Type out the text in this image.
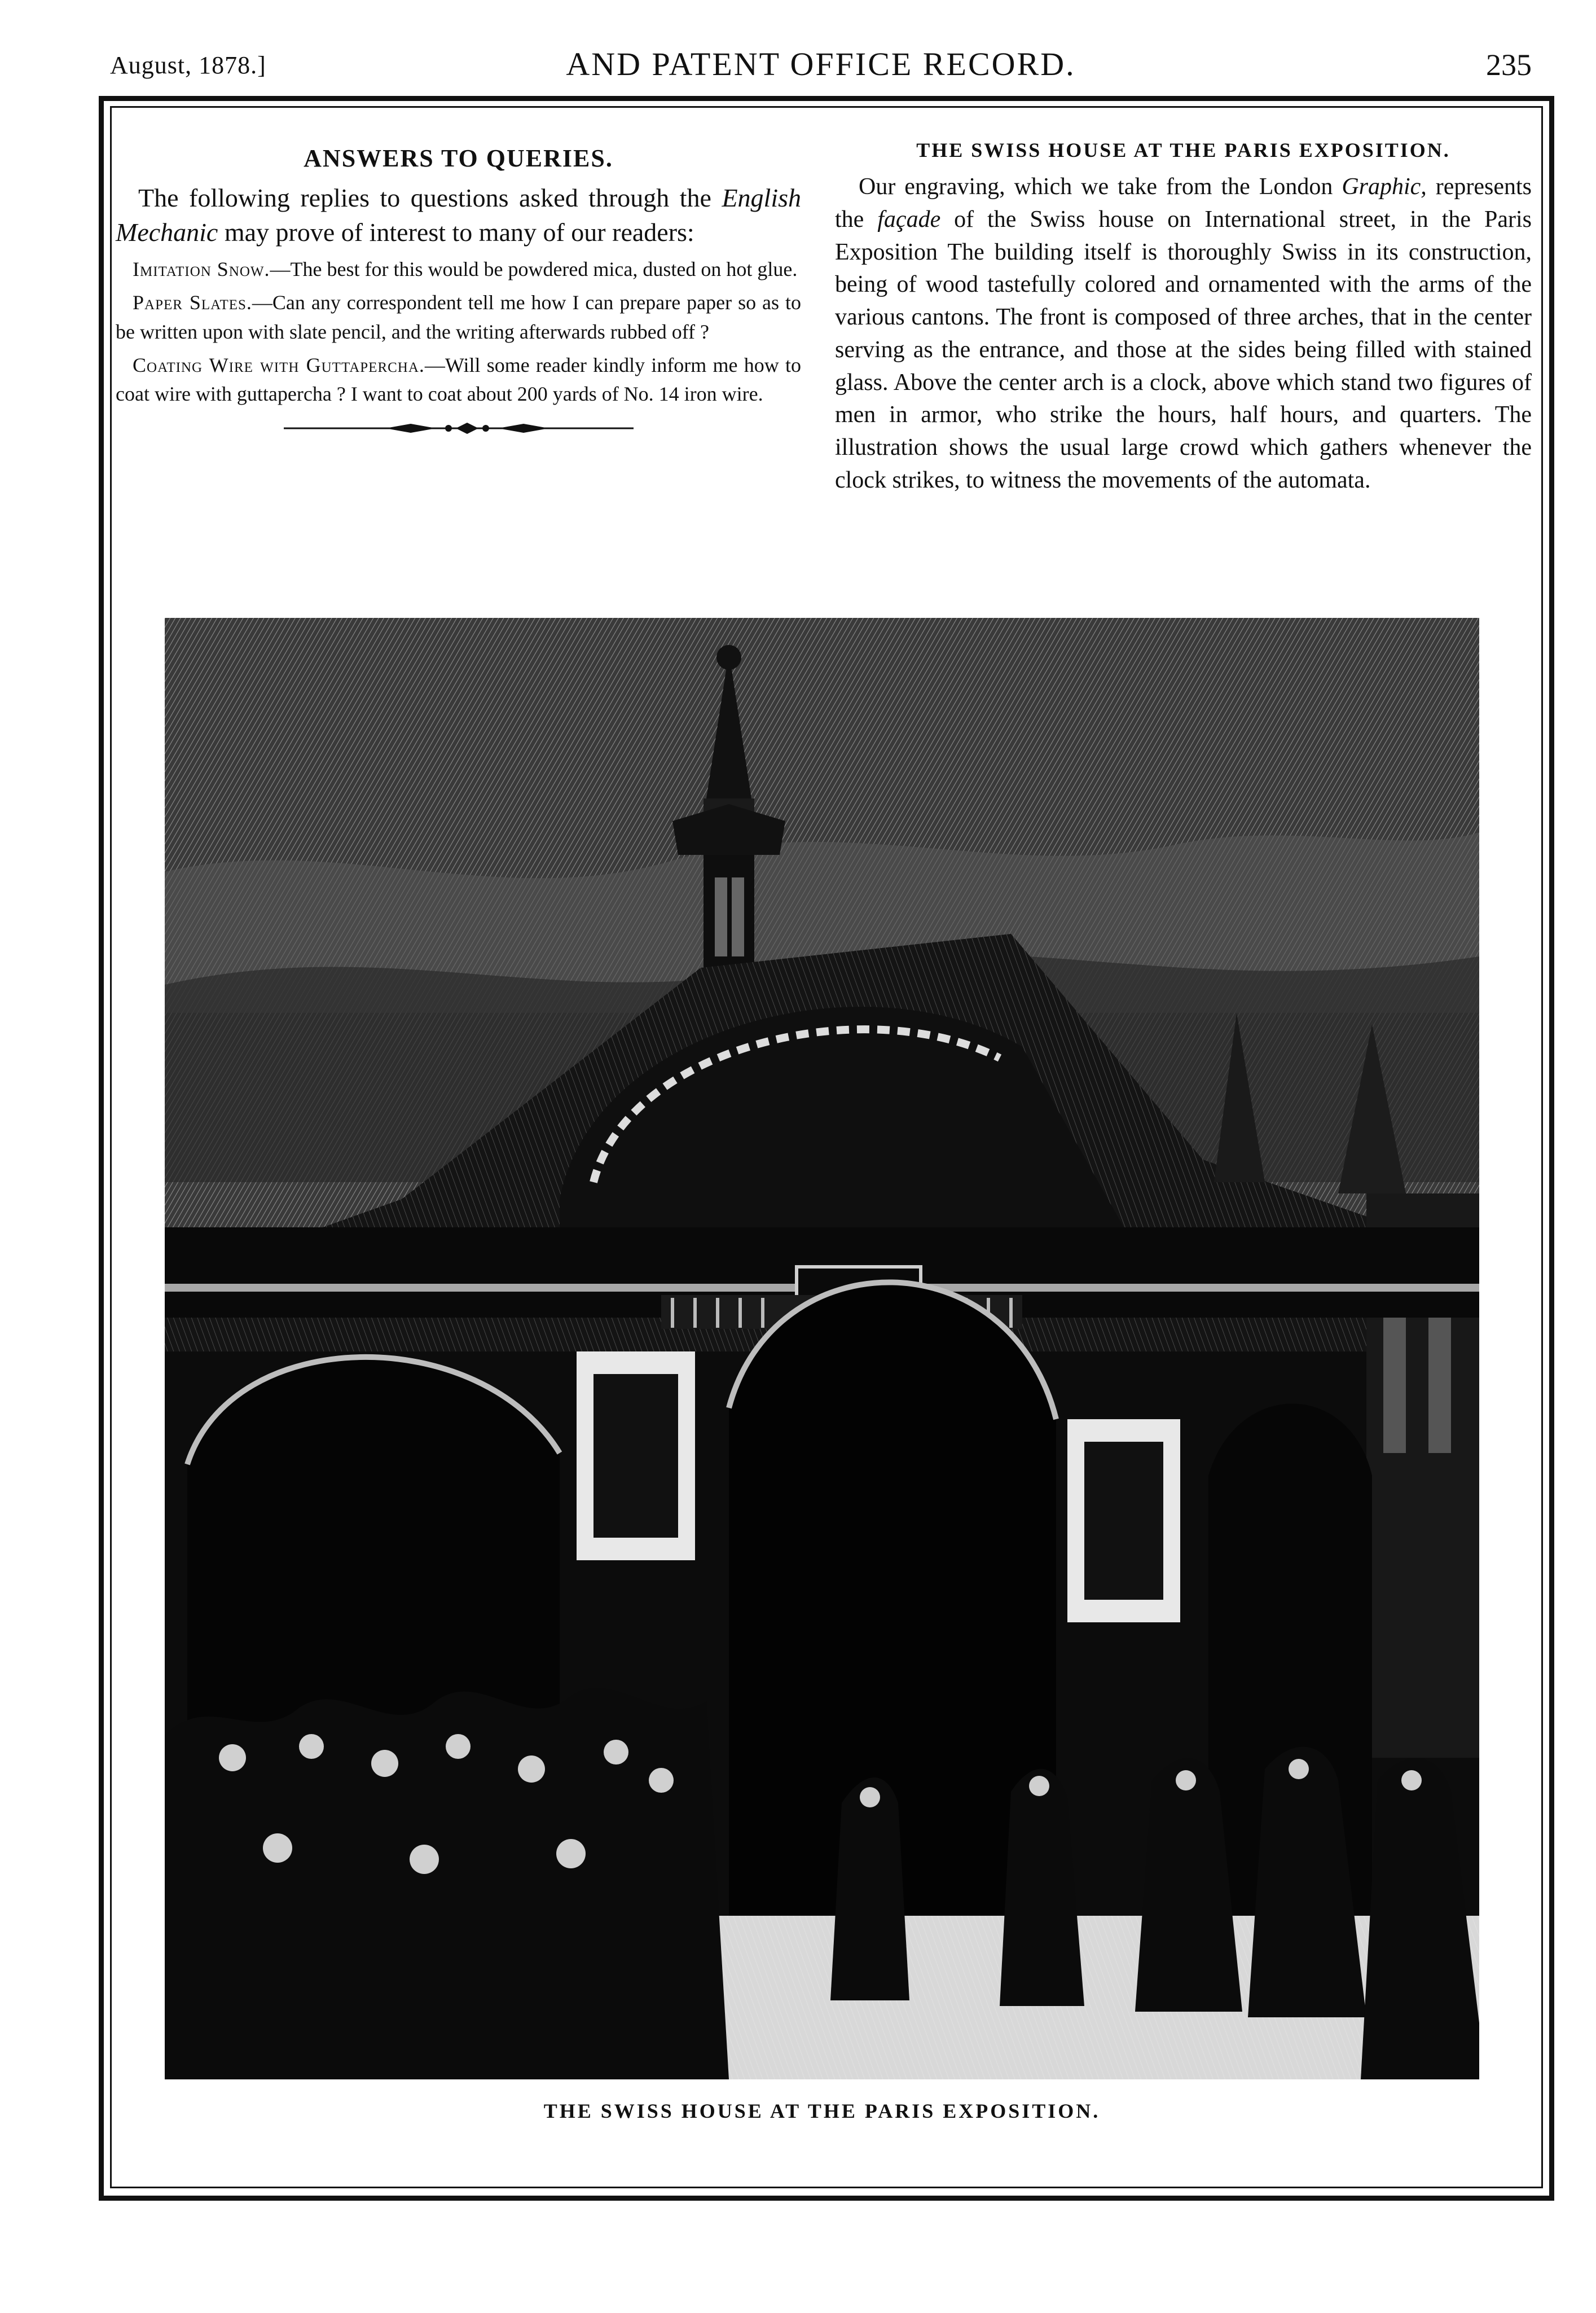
August, 1878.]	AND PATENT OFFICE RECORD.	235
ANSWERS TO QUERIES.

The following replies to questions asked through the English Mechanic may prove of interest to many of our readers:

Imitation Snow.—The best for this would be powdered mica, dusted on hot glue.

Paper Slates.—Can any correspondent tell me how I can prepare paper so as to be written upon with slate pencil, and the writing afterwards rubbed off ?

Coating Wire with Guttapercha.—Will some reader kindly inform me how to coat wire with guttapercha ? I want to coat about 200 yards of No. 14 iron wire.

THE SWISS HOUSE AT THE PARIS EXPOSITION.

Our engraving, which we take from the London Graphic, represents the façade of the Swiss house on International street, in the Paris Exposition The building itself is thoroughly Swiss in its construction, being of wood tastefully colored and ornamented with the arms of the various cantons. The front is composed of three arches, that in the center serving as the entrance, and those at the sides being filled with stained glass. Above the center arch is a clock, above which stand two figures of men in armor, who strike the hours, half hours, and quarters. The illustration shows the usual large crowd which gathers whenever the clock strikes, to witness the movements of the automata.

THE SWISS HOUSE AT THE PARIS EXPOSITION.
